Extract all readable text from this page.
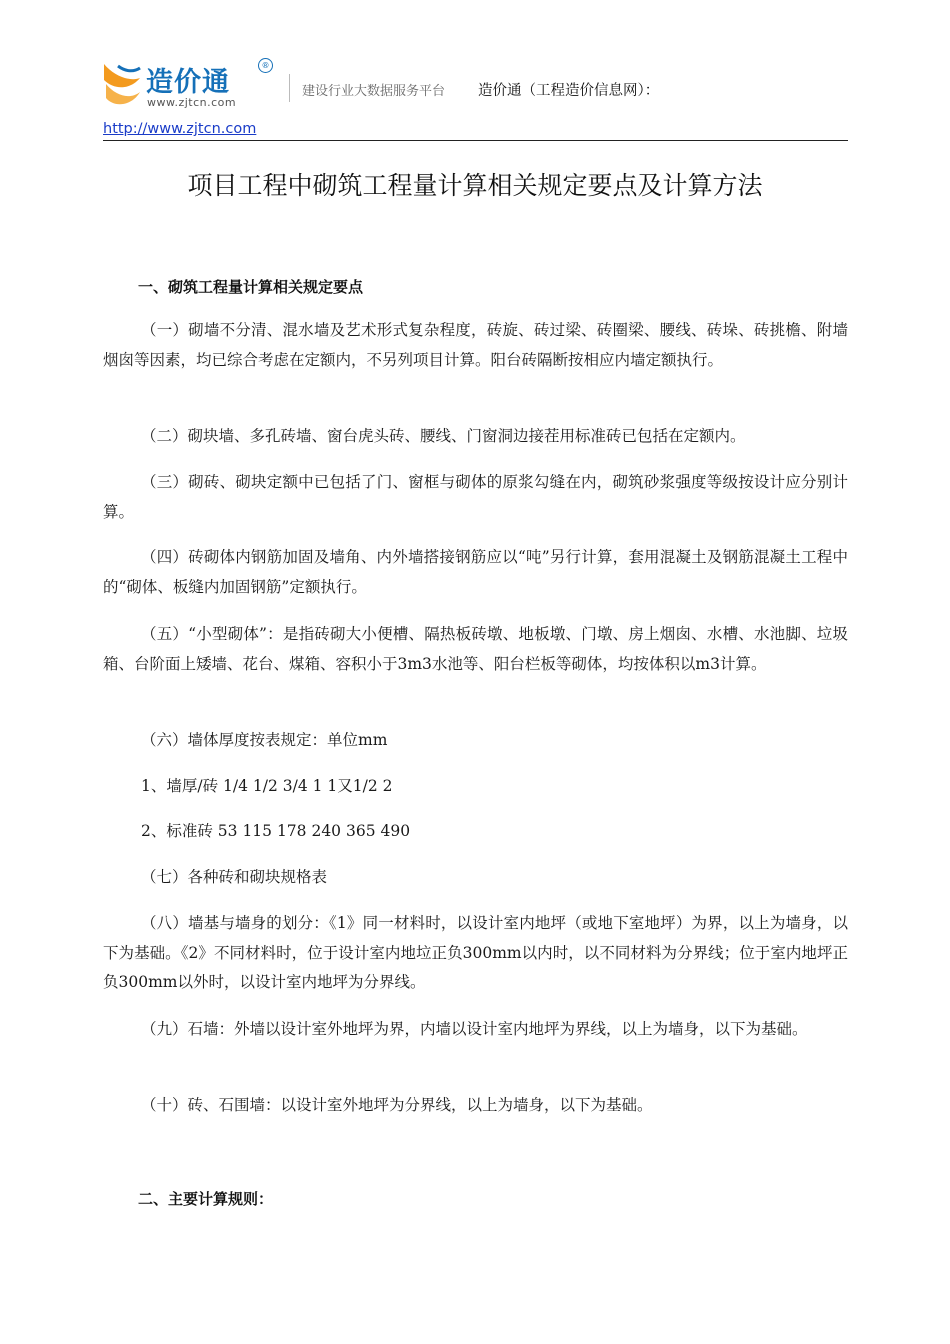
造价通
®
www.zjtcn.com
建设行业大数据服务平台 造价通（工程造价信息网）：
http://www.zjtcn.com
项目工程中砌筑工程量计算相关规定要点及计算方法
一、砌筑工程量计算相关规定要点

（一）砌墙不分清、混水墙及艺术形式复杂程度，砖旋、砖过梁、砖圈梁、腰线、砖垛、砖挑檐、附墙烟囱等因素，均已综合考虑在定额内，不另列项目计算。阳台砖隔断按相应内墙定额执行。

（二）砌块墙、多孔砖墙、窗台虎头砖、腰线、门窗洞边接茬用标准砖已包括在定额内。

（三）砌砖、砌块定额中已包括了门、窗框与砌体的原浆勾缝在内，砌筑砂浆强度等级按设计应分别计算。

（四）砖砌体内钢筋加固及墙角、内外墙搭接钢筋应以“吨”另行计算，套用混凝土及钢筋混凝土工程中的“砌体、板缝内加固钢筋”定额执行。

（五）“小型砌体”：是指砖砌大小便槽、隔热板砖墩、地板墩、门墩、房上烟囱、水槽、水池脚、垃圾箱、台阶面上矮墙、花台、煤箱、容积小于3m3水池等、阳台栏板等砌体，均按体积以m3计算。

（六）墙体厚度按表规定：单位mm

1、墙厚/砖 1/4 1/2 3/4 1 1又1/2 2
2、标准砖 53 115 178 240 365 490

（七）各种砖和砌块规格表

（八）墙基与墙身的划分：《1》同一材料时，以设计室内地坪（或地下室地坪）为界，以上为墙身，以下为基础。《2》不同材料时，位于设计室内地垃正负300mm以内时，以不同材料为分界线；位于室内地坪正负300mm以外时，以设计室内地坪为分界线。

（九）石墙：外墙以设计室外地坪为界，内墙以设计室内地坪为界线，以上为墙身，以下为基础。

（十）砖、石围墙：以设计室外地坪为分界线，以上为墙身，以下为基础。

二、主要计算规则：
